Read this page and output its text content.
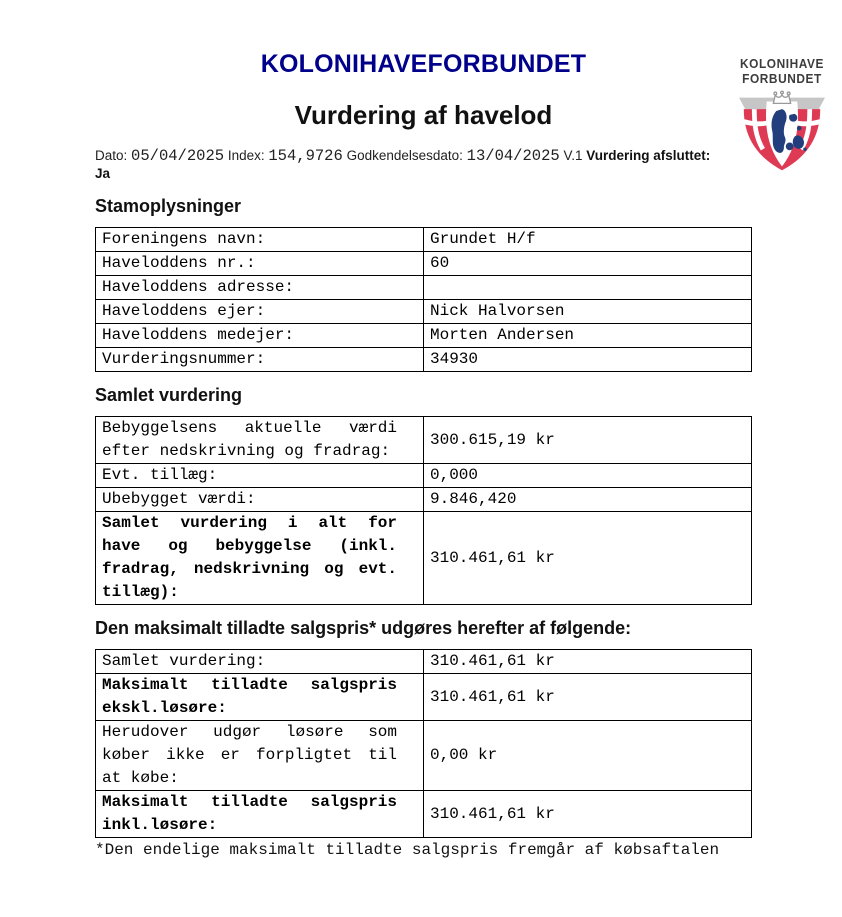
KOLONIHAVE
FORBUNDET
KOLONIHAVEFORBUNDET
Vurdering af havelod

Dato: 05/04/2025 Index: 154,9726 Godkendelsesdato: 13/04/2025 V.1 Vurdering afsluttet: Ja

Stamoplysninger
Foreningens navn:	Grundet H/f
Haveloddens nr.:	60
Haveloddens adresse:	
Haveloddens ejer:	Nick Halvorsen
Haveloddens medejer:	Morten Andersen
Vurderingsnummer:	34930
Samlet vurdering
Bebyggelsens aktuelle værdi efter nedskrivning og fradrag:	300.615,19 kr
Evt. tillæg:	0,000
Ubebygget værdi:	9.846,420
Samlet vurdering i alt for have og bebyggelse (inkl. fradrag, nedskrivning og evt. tillæg):	310.461,61 kr
Den maksimalt tilladte salgspris* udgøres herefter af følgende:
Samlet vurdering:	310.461,61 kr
Maksimalt tilladte salgspris ekskl.løsøre:	310.461,61 kr
Herudover udgør løsøre som køber ikke er forpligtet til at købe:	0,00 kr
Maksimalt tilladte salgspris inkl.løsøre:	310.461,61 kr

*Den endelige maksimalt tilladte salgspris fremgår af købsaftalen
